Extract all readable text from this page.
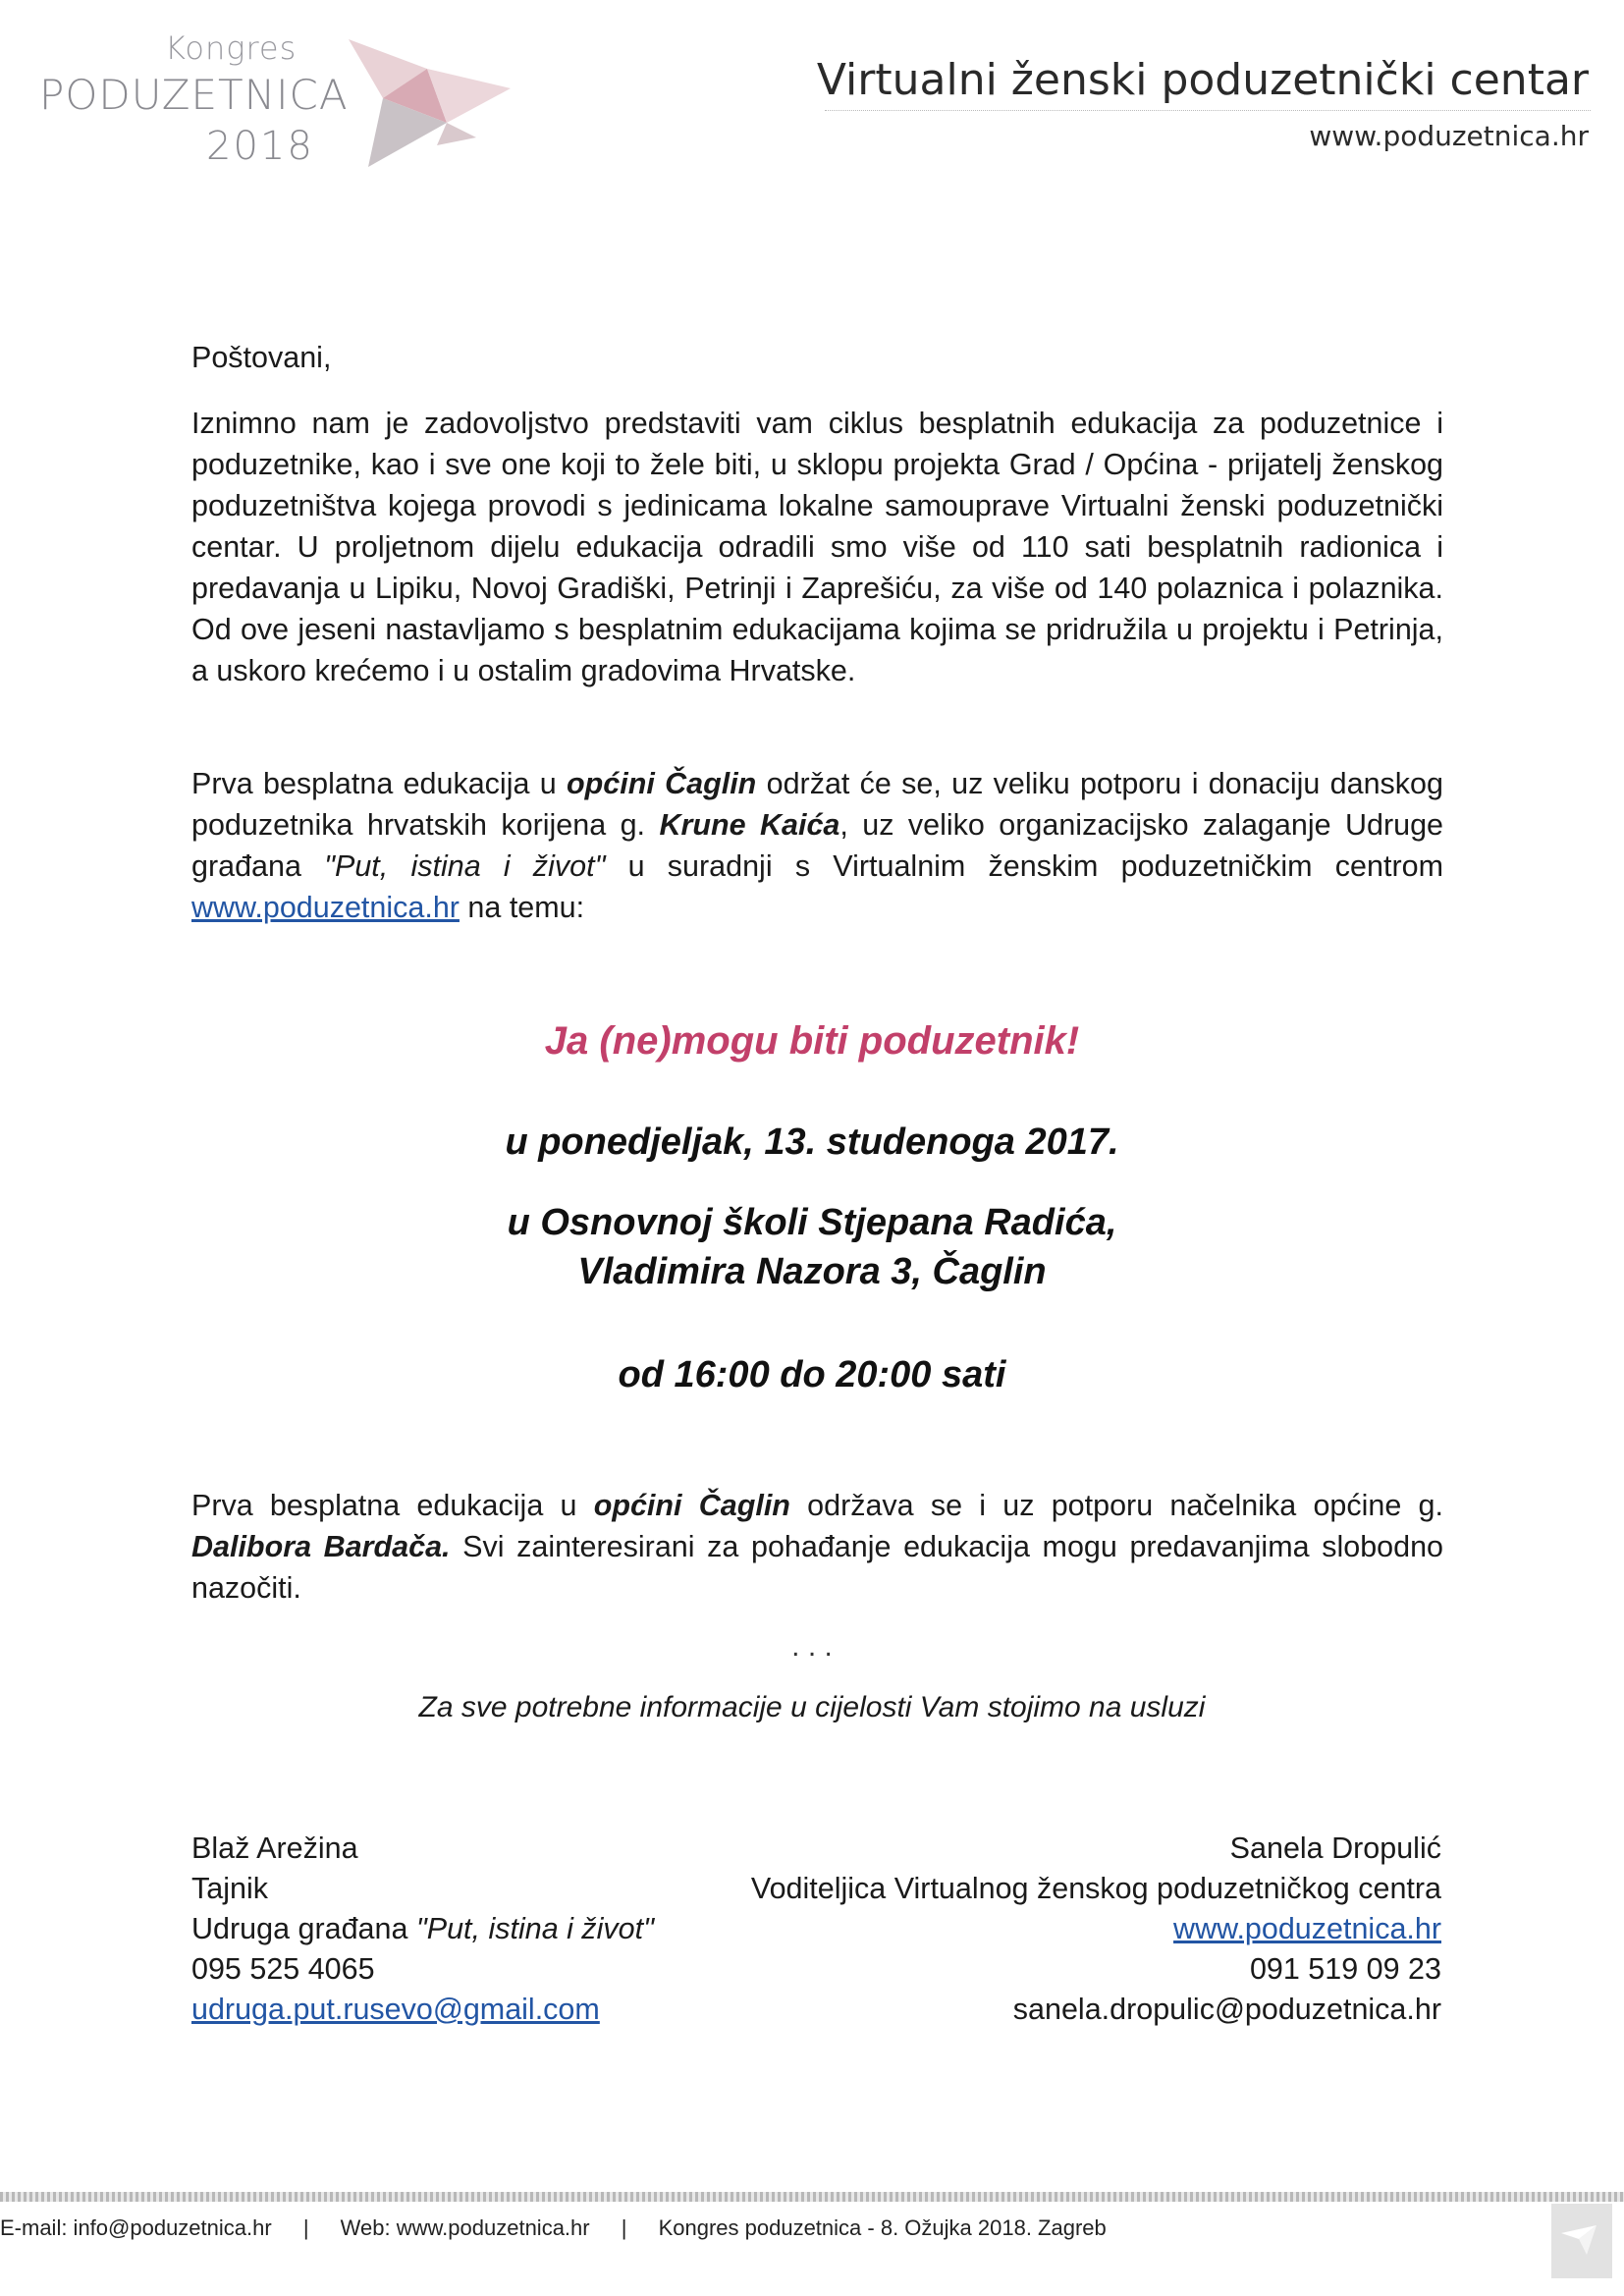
Kongres
PODUZETNICA
2018
Virtualni ženski poduzetnički centar
www.poduzetnica.hr
Poštovani,
Iznimno nam je zadovoljstvo predstaviti vam ciklus besplatnih edukacija za poduzetnice i poduzetnike, kao i sve one koji to žele biti, u sklopu projekta Grad / Općina - prijatelj ženskog poduzetništva kojega provodi s jedinicama lokalne samouprave Virtualni ženski poduzetnički centar. U proljetnom dijelu edukacija odradili smo više od 110 sati besplatnih radionica i predavanja u Lipiku, Novoj Gradiški, Petrinji i Zaprešiću, za više od 140 polaznica i polaznika. Od ove jeseni nastavljamo s besplatnim edukacijama kojima se pridružila u projektu i Petrinja, a uskoro krećemo i u ostalim gradovima Hrvatske.
Prva besplatna edukacija u općini Čaglin održat će se, uz veliku potporu i donaciju danskog poduzetnika hrvatskih korijena g. Krune Kaića, uz veliko organizacijsko zalaganje Udruge građana "Put, istina i život" u suradnji s Virtualnim ženskim poduzetničkim centrom www.poduzetnica.hr na temu:
Ja (ne)mogu biti poduzetnik!
u ponedjeljak, 13. studenoga 2017.
u Osnovnoj školi Stjepana Radića,
Vladimira Nazora 3, Čaglin
od 16:00 do 20:00 sati
Prva besplatna edukacija u općini Čaglin održava se i uz potporu načelnika općine g. Dalibora Bardača. Svi zainteresirani za pohađanje edukacija mogu predavanjima slobodno nazočiti.
. . .
Za sve potrebne informacije u cijelosti Vam stojimo na usluzi
Blaž Arežina
Tajnik
Udruga građana "Put, istina i život"
095 525 4065
udruga.put.rusevo@gmail.com
Sanela Dropulić
Voditeljica Virtualnog ženskog poduzetničkog centra
www.poduzetnica.hr
091 519 09 23
sanela.dropulic@poduzetnica.hr
E-mail: info@poduzetnica.hr | Web: www.poduzetnica.hr | Kongres poduzetnica - 8. Ožujka 2018. Zagreb
